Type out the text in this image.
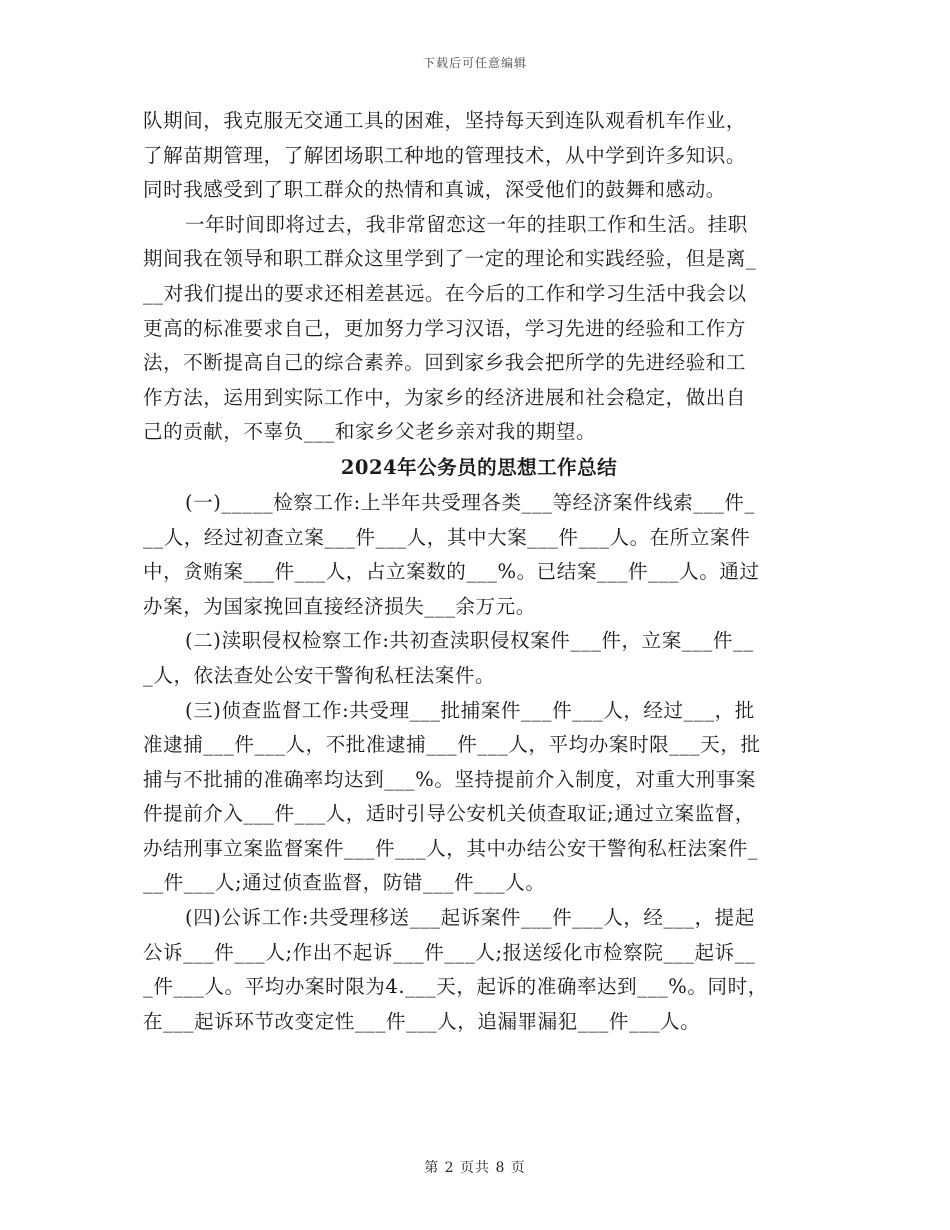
下载后可任意编辑
队期间，我克服无交通工具的困难，坚持每天到连队观看机车作业，
了解苗期管理，了解团场职工种地的管理技术，从中学到许多知识。
同时我感受到了职工群众的热情和真诚，深受他们的鼓舞和感动。
一年时间即将过去，我非常留恋这一年的挂职工作和生活。挂职
期间我在领导和职工群众这里学到了一定的理论和实践经验，但是离_
__对我们提出的要求还相差甚远。在今后的工作和学习生活中我会以
更高的标准要求自己，更加努力学习汉语，学习先进的经验和工作方
法，不断提高自己的综合素养。回到家乡我会把所学的先进经验和工
作方法，运用到实际工作中，为家乡的经济进展和社会稳定，做出自
己的贡献，不辜负___和家乡父老乡亲对我的期望。
2024年公务员的思想工作总结
(一)_____检察工作:上半年共受理各类___等经济案件线索___件_
__人，经过初查立案___件___人，其中大案___件___人。在所立案件
中，贪贿案___件___人，占立案数的___%。已结案___件___人。通过
办案，为国家挽回直接经济损失___余万元。
(二)渎职侵权检察工作:共初查渎职侵权案件___件，立案___件__
_人，依法查处公安干警徇私枉法案件。
(三)侦查监督工作:共受理___批捕案件___件___人，经过___，批
准逮捕___件___人，不批准逮捕___件___人，平均办案时限___天，批
捕与不批捕的准确率均达到___%。坚持提前介入制度，对重大刑事案
件提前介入___件___人，适时引导公安机关侦查取证;通过立案监督，
办结刑事立案监督案件___件___人，其中办结公安干警徇私枉法案件_
__件___人;通过侦查监督，防错___件___人。
(四)公诉工作:共受理移送___起诉案件___件___人，经___，提起
公诉___件___人;作出不起诉___件___人;报送绥化市检察院___起诉__
_件___人。平均办案时限为4.___天，起诉的准确率达到___%。同时，
在___起诉环节改变定性___件___人，追漏罪漏犯___件___人。
第 2 页共 8 页
